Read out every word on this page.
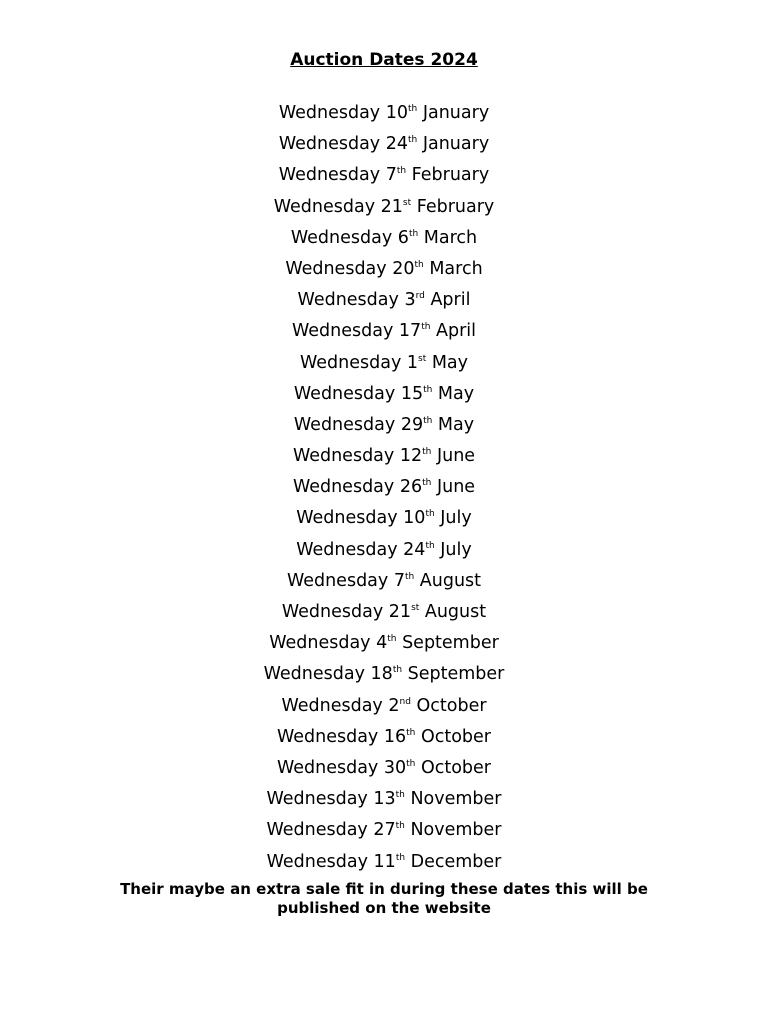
Auction Dates 2024
Wednesday 10th January
Wednesday 24th January
Wednesday 7th February
Wednesday 21st February
Wednesday 6th March
Wednesday 20th March
Wednesday 3rd April
Wednesday 17th April
Wednesday 1st May
Wednesday 15th May
Wednesday 29th May
Wednesday 12th June
Wednesday 26th June
Wednesday 10th July
Wednesday 24th July
Wednesday 7th August
Wednesday 21st August
Wednesday 4th September
Wednesday 18th September
Wednesday 2nd October
Wednesday 16th October
Wednesday 30th October
Wednesday 13th November
Wednesday 27th November
Wednesday 11th December

Their maybe an extra sale fit in during these dates this will be published on the website
